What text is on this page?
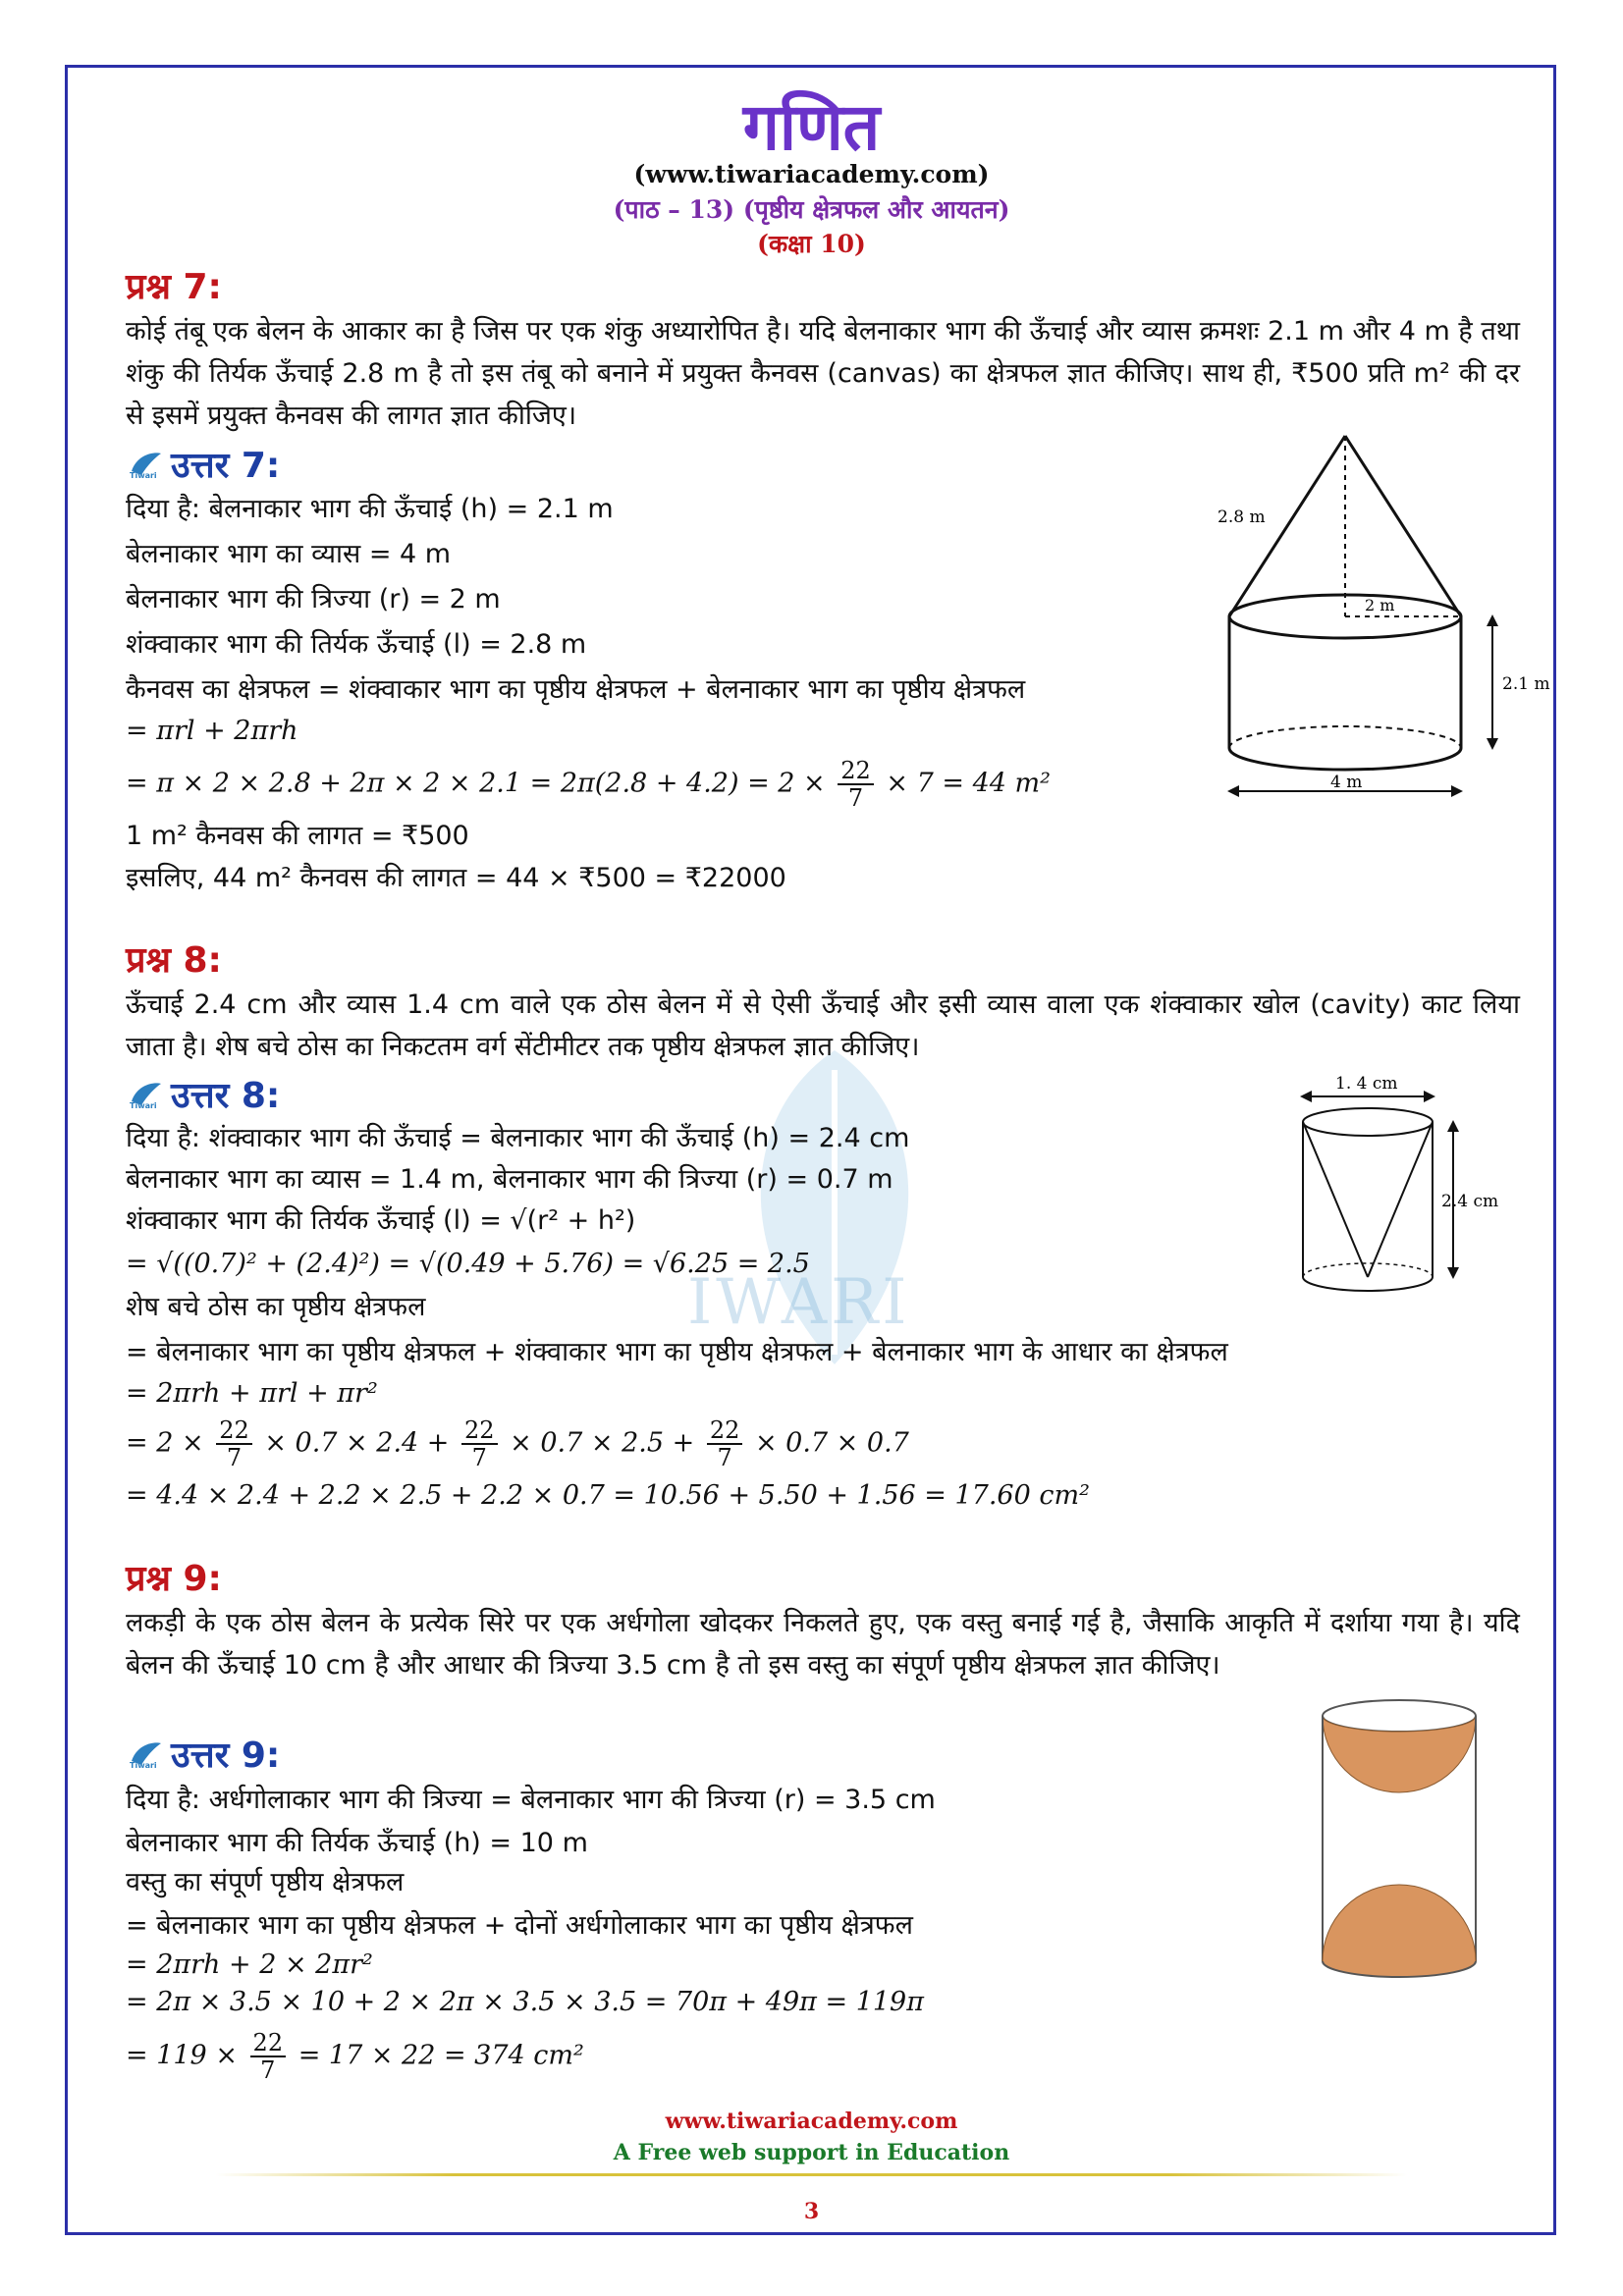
IWARI
गणित
(www.tiwariacademy.com)
(पाठ – 13) (पृष्ठीय क्षेत्रफल और आयतन)
(कक्षा 10)
प्रश्न 7:
कोई तंबू एक बेलन के आकार का है जिस पर एक शंकु अध्यारोपित है। यदि बेलनाकार भाग की ऊँचाई और व्यास क्रमशः 2.1 m और 4 m है तथा शंकु की तिर्यक ऊँचाई 2.8 m है तो इस तंबू को बनाने में प्रयुक्त कैनवस (canvas) का क्षेत्रफल ज्ञात कीजिए। साथ ही, ₹500 प्रति m² की दर से इसमें प्रयुक्त कैनवस की लागत ज्ञात कीजिए।
Tiwari उत्तर 7:
दिया है: बेलनाकार भाग की ऊँचाई (h) = 2.1 m
बेलनाकार भाग का व्यास = 4 m
बेलनाकार भाग की त्रिज्या (r) = 2 m
शंक्वाकार भाग की तिर्यक ऊँचाई (l) = 2.8 m
कैनवस का क्षेत्रफल = शंक्वाकार भाग का पृष्ठीय क्षेत्रफल + बेलनाकार भाग का पृष्ठीय क्षेत्रफल
= πrl + 2πrh
= $\pi \times 2 \times 2.8 + 2\pi \times 2 \times 2.1 = 2\pi(2.8 + 4.2) = 2 \times \frac{22}{7} \times 7 = 44$ m²
1 m² कैनवस की लागत = ₹500
इसलिए, 44 m² कैनवस की लागत = 44 × ₹500 = ₹22000
2.8 m
2 m
2.1 m
4 m
प्रश्न 8:
ऊँचाई 2.4 cm और व्यास 1.4 cm वाले एक ठोस बेलन में से ऐसी ऊँचाई और इसी व्यास वाला एक शंक्वाकार खोल (cavity) काट लिया जाता है। शेष बचे ठोस का निकटतम वर्ग सेंटीमीटर तक पृष्ठीय क्षेत्रफल ज्ञात कीजिए।
Tiwari उत्तर 8:
दिया है: शंक्वाकार भाग की ऊँचाई = बेलनाकार भाग की ऊँचाई (h) = 2.4 cm
बेलनाकार भाग का व्यास = 1.4 m, बेलनाकार भाग की त्रिज्या (r) = 0.7 m
शंक्वाकार भाग की तिर्यक ऊँचाई (l) = √(r² + h²)
= √((0.7)² + (2.4)²) = √(0.49 + 5.76) = √6.25 = 2.5
शेष बचे ठोस का पृष्ठीय क्षेत्रफल
= बेलनाकार भाग का पृष्ठीय क्षेत्रफल + शंक्वाकार भाग का पृष्ठीय क्षेत्रफल + बेलनाकार भाग के आधार का क्षेत्रफल
= 2πrh + πrl + πr²
= $2 \times \frac{22}{7} \times 0.7 \times 2.4 + \frac{22}{7} \times 0.7 \times 2.5 + \frac{22}{7} \times 0.7 \times 0.7$
= 4.4 × 2.4 + 2.2 × 2.5 + 2.2 × 0.7 = 10.56 + 5.50 + 1.56 = 17.60 cm²
1. 4 cm
2.4 cm
प्रश्न 9:
लकड़ी के एक ठोस बेलन के प्रत्येक सिरे पर एक अर्धगोला खोदकर निकलते हुए, एक वस्तु बनाई गई है, जैसाकि आकृति में दर्शाया गया है। यदि बेलन की ऊँचाई 10 cm है और आधार की त्रिज्या 3.5 cm है तो इस वस्तु का संपूर्ण पृष्ठीय क्षेत्रफल ज्ञात कीजिए।
Tiwari उत्तर 9:
दिया है: अर्धगोलाकार भाग की त्रिज्या = बेलनाकार भाग की त्रिज्या (r) = 3.5 cm
बेलनाकार भाग की तिर्यक ऊँचाई (h) = 10 m
वस्तु का संपूर्ण पृष्ठीय क्षेत्रफल
= बेलनाकार भाग का पृष्ठीय क्षेत्रफल + दोनों अर्धगोलाकार भाग का पृष्ठीय क्षेत्रफल
= 2πrh + 2 × 2πr²
= 2π × 3.5 × 10 + 2 × 2π × 3.5 × 3.5 = 70π + 49π = 119π
= $119 \times \frac{22}{7} = 17 \times 22 = 374$ cm²
www.tiwariacademy.com
A Free web support in Education
3
